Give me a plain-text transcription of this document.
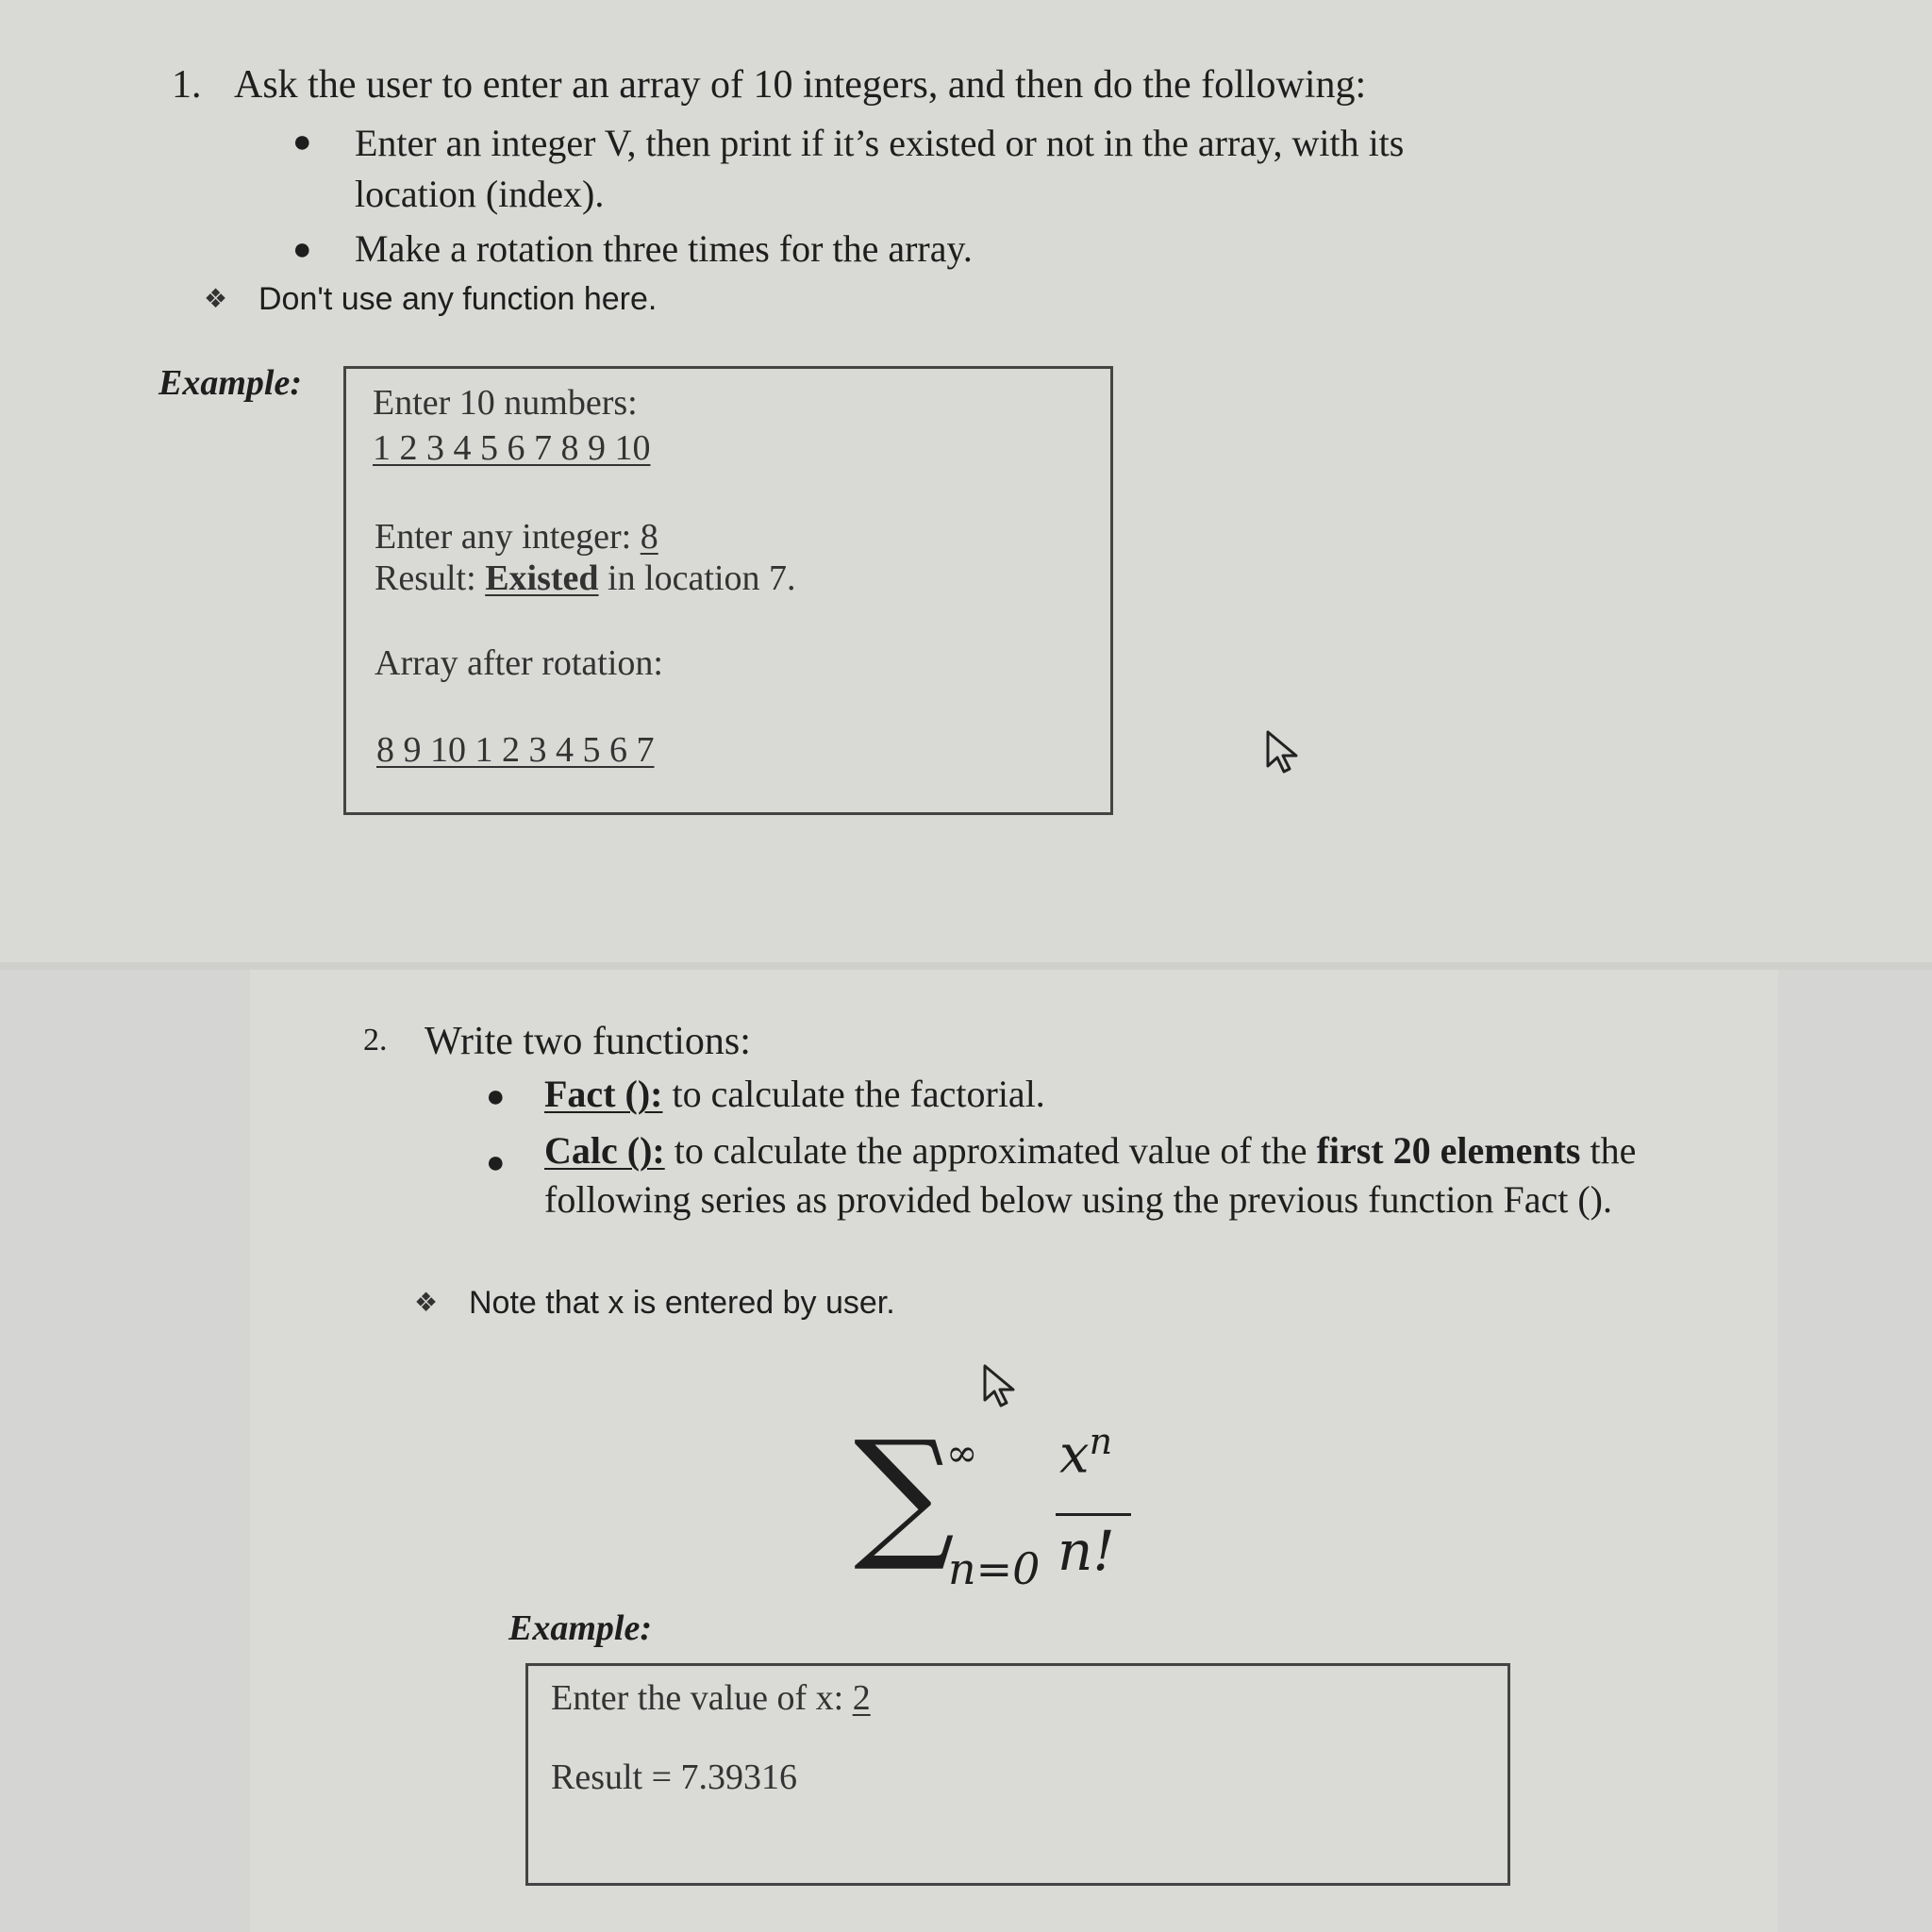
1. Ask the user to enter an array of 10 integers, and then do the following:
● Enter an integer V, then print if it’s existed or not in the array, with its
location (index).
● Make a rotation three times for the array.
❖ Don't use any function here.
Example: Enter 10 numbers:
1 2 3 4 5 6 7 8 9 10
Enter any integer: 8
Result: Existed in location 7.
Array after rotation:
8 9 10 1 2 3 4 5 6 7
2. Write two functions:
● Fact (): to calculate the factorial.
● Calc (): to calculate the approximated value of the first 20 elements the
following series as provided below using the previous function Fact ().
❖ Note that x is entered by user.
∑
∞
n=0
$x^n$
n!
Example:
Enter the value of x: 2
Result = 7.39316
